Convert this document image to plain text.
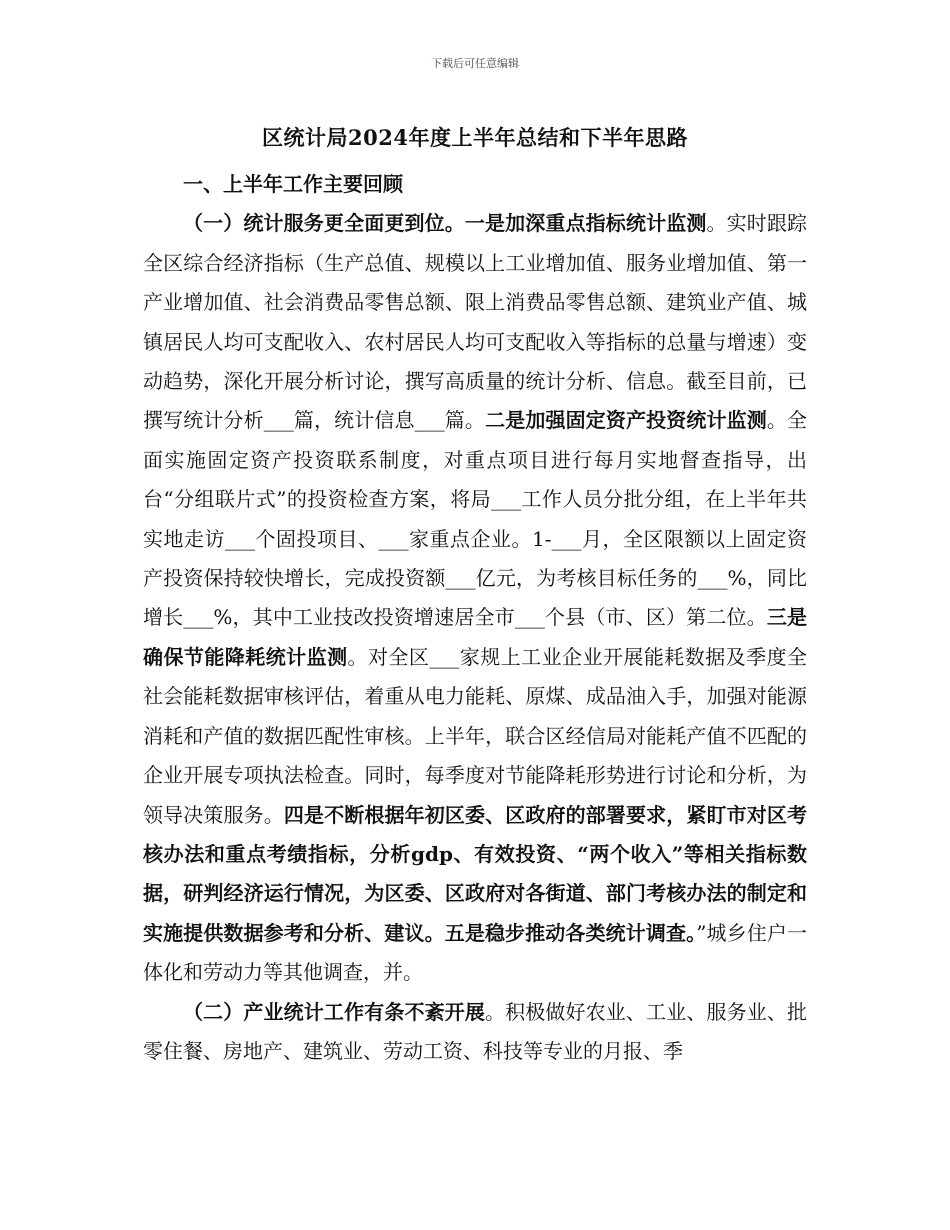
下载后可任意编辑
区统计局2024年度上半年总结和下半年思路

一、上半年工作主要回顾

（一）统计服务更全面更到位。一是加深重点指标统计监测。实时跟踪全区综合经济指标（生产总值、规模以上工业增加值、服务业增加值、第一产业增加值、社会消费品零售总额、限上消费品零售总额、建筑业产值、城镇居民人均可支配收入、农村居民人均可支配收入等指标的总量与增速）变动趋势，深化开展分析讨论，撰写高质量的统计分析、信息。截至目前，已撰写统计分析___篇，统计信息___篇。二是加强固定资产投资统计监测。全面实施固定资产投资联系制度，对重点项目进行每月实地督查指导，出台“分组联片式”的投资检查方案，将局___工作人员分批分组，在上半年共实地走访___个固投项目、___家重点企业。1-___月，全区限额以上固定资产投资保持较快增长，完成投资额___亿元，为考核目标任务的___%，同比增长___%，其中工业技改投资增速居全市___个县（市、区）第二位。三是确保节能降耗统计监测。对全区___家规上工业企业开展能耗数据及季度全社会能耗数据审核评估，着重从电力能耗、原煤、成品油入手，加强对能源消耗和产值的数据匹配性审核。上半年，联合区经信局对能耗产值不匹配的企业开展专项执法检查。同时，每季度对节能降耗形势进行讨论和分析，为领导决策服务。四是不断根据年初区委、区政府的部署要求，紧盯市对区考核办法和重点考绩指标，分析gdp、有效投资、“两个收入”等相关指标数据，研判经济运行情况，为区委、区政府对各街道、部门考核办法的制定和实施提供数据参考和分析、建议。五是稳步推动各类统计调查。”城乡住户一体化和劳动力等其他调查，并。

（二）产业统计工作有条不紊开展。积极做好农业、工业、服务业、批零住餐、房地产、建筑业、劳动工资、科技等专业的月报、季
